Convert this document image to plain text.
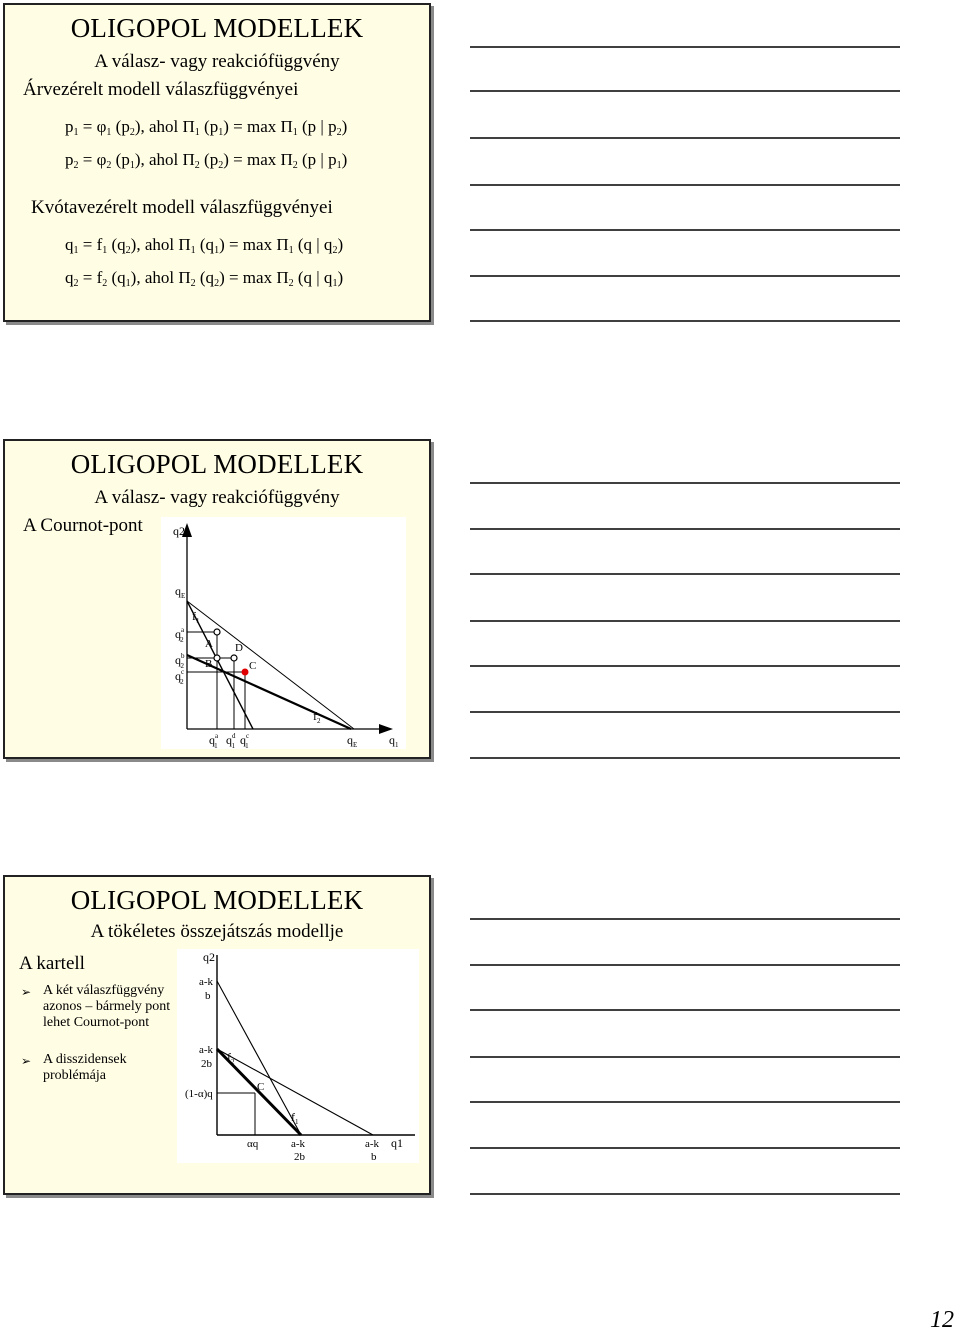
OLIGOPOL MODELLEK
A válasz- vagy reakciófüggvény
Árvezérelt modell válaszfüggvényei
$p_1 = \varphi_1$ $(p_2)$, ahol $\Pi_1$ $(p_1) = \max \Pi_1$ (p | $p_2$)
$p_2 = \varphi_2$ $(p_1)$, ahol $\Pi_2$ $(p_2) = \max \Pi_2$ (p | $p_1$)
Kvótavezérelt modell válaszfüggvényei
$q_1 = f_1$ $(q_2)$, ahol $\Pi_1$ $(q_1) = \max \Pi_1$ (q | $q_2$)
$q_2 = f_2$ $(q_1)$, ahol $\Pi_2$ $(q_2) = \max \Pi_2$ (q | $q_1$)
OLIGOPOL MODELLEK
A válasz- vagy reakciófüggvény
A Cournot-pont
A
B	C
D
q2
$q_E$
$q^a$ 2
$q^b$ 2
$q^c$ 2
$f_1$
$f_2$
$q^a$ 1 $q^d$ 1 $q^c$ 1	$q_E$	$q_1$
OLIGOPOL MODELLEK
A tökéletes összejátszás modellje
A kartell
➢ A két válaszfüggvény azonos – bármely pont lehet Cournot-pont
➢ A disszidensek problémája
q2
a-k
b
a-k
2b
(1-α)q
$f_2$
$f_1$
C
αq	a-k
2b
a-k
b
q1
12
